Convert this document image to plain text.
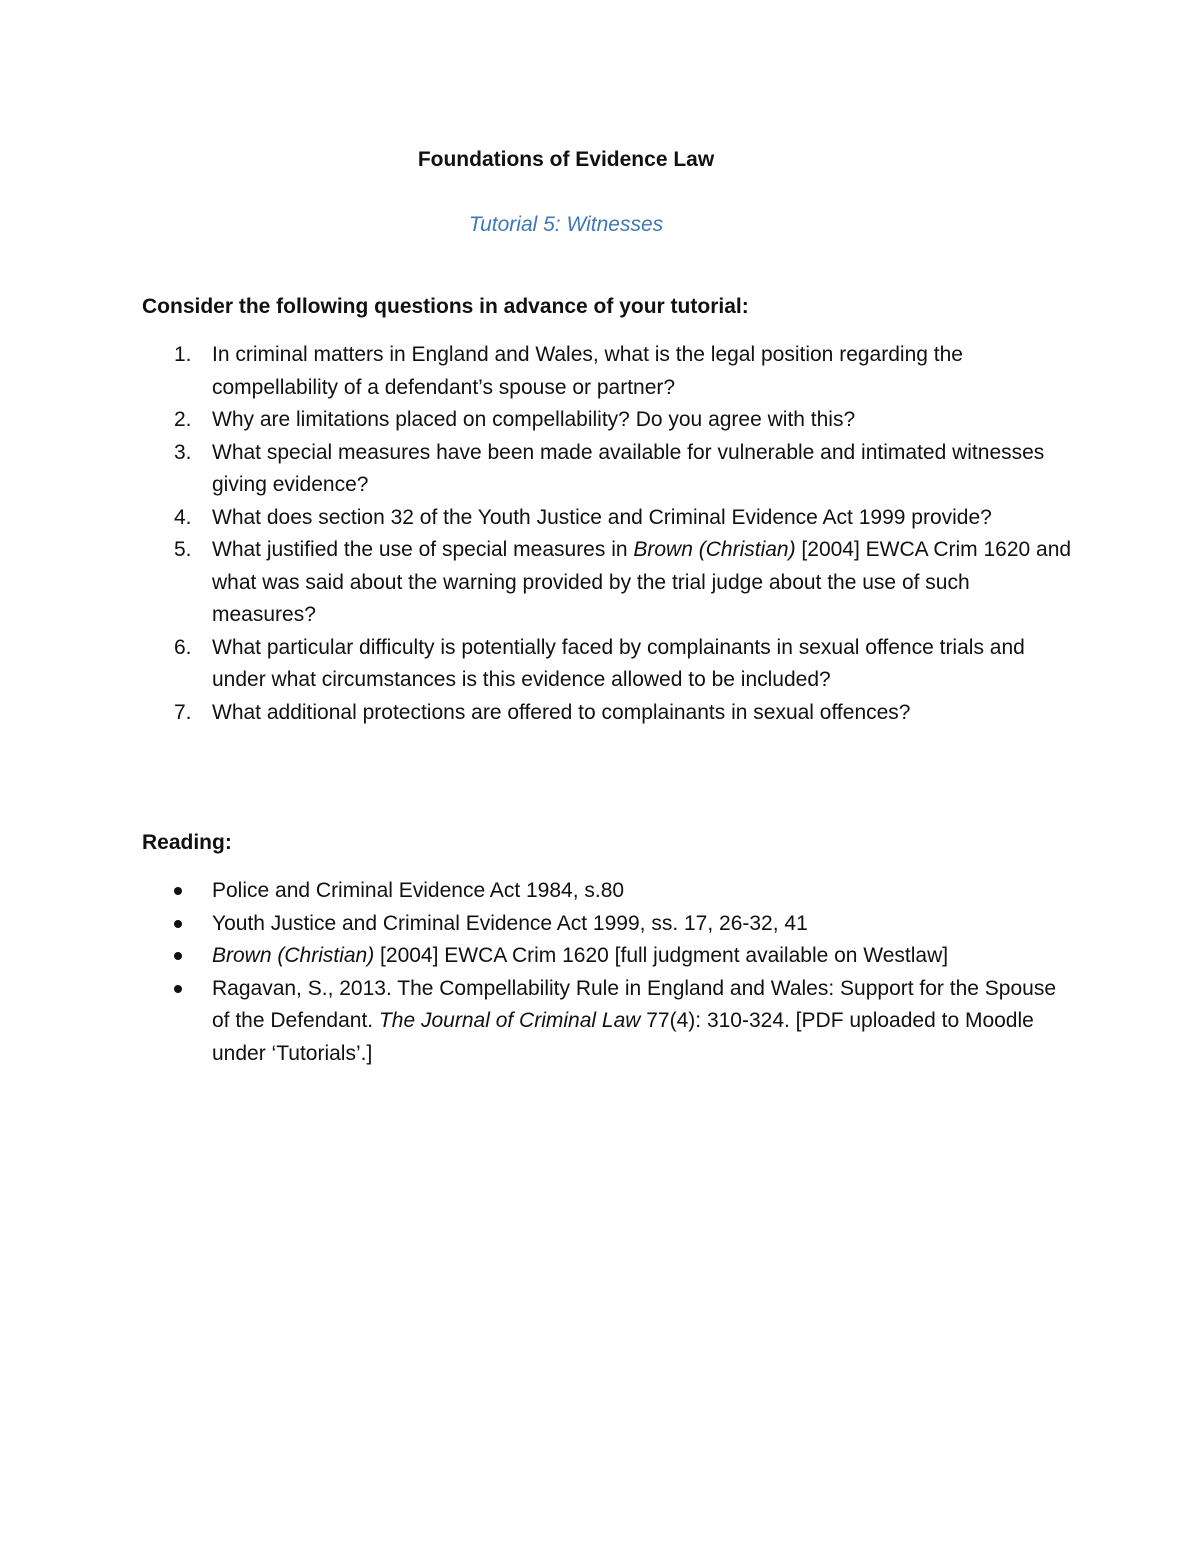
Foundations of Evidence Law
Tutorial 5: Witnesses
Consider the following questions in advance of your tutorial:
1. In criminal matters in England and Wales, what is the legal position regarding the compellability of a defendant’s spouse or partner?
2. Why are limitations placed on compellability? Do you agree with this?
3. What special measures have been made available for vulnerable and intimated witnesses giving evidence?
4. What does section 32 of the Youth Justice and Criminal Evidence Act 1999 provide?
5. What justified the use of special measures in Brown (Christian) [2004] EWCA Crim 1620 and what was said about the warning provided by the trial judge about the use of such measures?
6. What particular difficulty is potentially faced by complainants in sexual offence trials and under what circumstances is this evidence allowed to be included?
7. What additional protections are offered to complainants in sexual offences?
Reading:
Police and Criminal Evidence Act 1984, s.80
Youth Justice and Criminal Evidence Act 1999, ss. 17, 26-32, 41
Brown (Christian) [2004] EWCA Crim 1620 [full judgment available on Westlaw]
Ragavan, S., 2013. The Compellability Rule in England and Wales: Support for the Spouse of the Defendant. The Journal of Criminal Law 77(4): 310-324. [PDF uploaded to Moodle under ‘Tutorials’.]
